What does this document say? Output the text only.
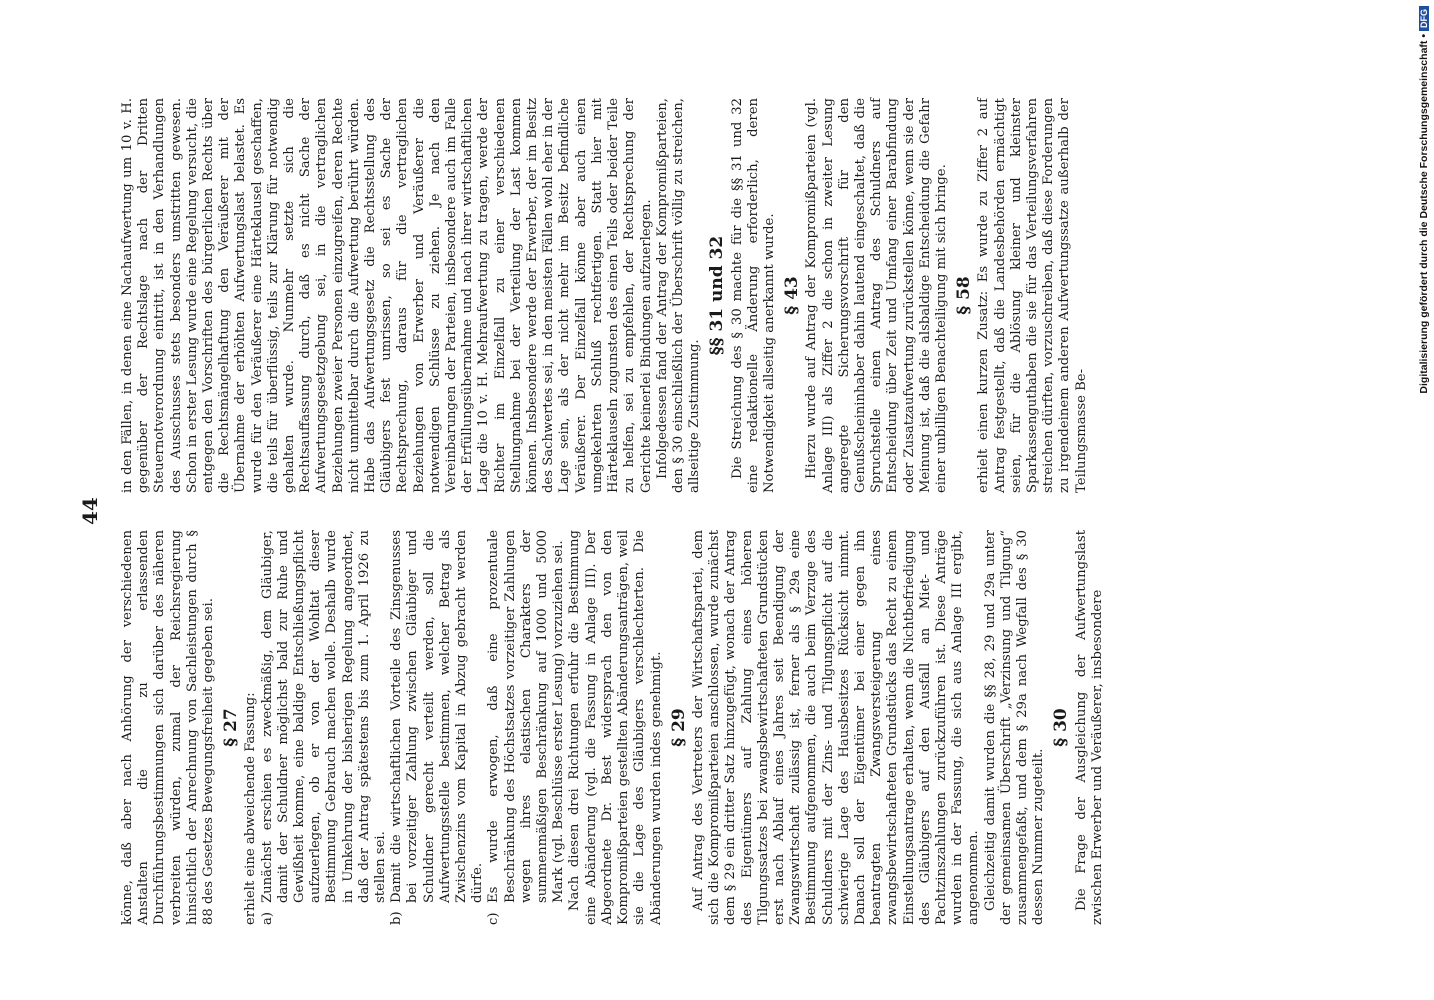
44

könne, daß aber nach Anhörung der verschiedenen Anstalten die zu erlassenden Durchführungsbestimmungen sich darüber des näheren verbreiten würden, zumal der Reichsregierung hinsichtlich der Anrechnung von Sachleistungen durch § 88 des Gesetzes Bewegungsfreiheit gegeben sei. § 27 erhielt eine abweichende Fassung: a)
Zunächst erschien es zweckmäßig, dem Gläubiger, damit der Schuldner möglichst bald zur Ruhe und Gewißheit komme, eine baldige Entschließungspflicht aufzuerlegen, ob er von der Wohltat dieser Bestimmung Gebrauch machen wolle. Deshalb wurde in Umkehrung der bisherigen Regelung angeordnet, daß der Antrag spätestens bis zum 1. April 1926 zu stellen sei.
b)
Damit die wirtschaftlichen Vorteile des Zinsgenusses bei vorzeitiger Zahlung zwischen Gläubiger und Schuldner gerecht verteilt werden, soll die Aufwertungsstelle bestimmen, welcher Betrag als Zwischenzins vom Kapital in Abzug gebracht werden dürfe.
c)
Es wurde erwogen, daß eine prozentuale Beschränkung des Höchstsatzes vorzeitiger Zahlungen wegen ihres elastischen Charakters der summenmäßigen Beschränkung auf 1000 und 5000 Mark (vgl. Beschlüsse erster Lesung) vorzuziehen sei. Nach diesen drei Richtungen erfuhr die Bestimmung eine Abänderung (vgl. die Fassung in Anlage III). Der Abgeordnete Dr. Best widersprach den von den Kompromißparteien gestellten Abänderungsanträgen, weil sie die Lage des Gläubigers verschlechterten. Die Abänderungen wurden indes genehmigt. § 29 Auf Antrag des Vertreters der Wirtschaftspartei, dem sich die Kompromißparteien anschlossen, wurde zunächst dem § 29 ein dritter Satz hinzugefügt, wonach der Antrag des Eigentümers auf Zahlung eines höheren Tilgungssatzes bei zwangsbewirtschafteten Grundstücken erst nach Ablauf eines Jahres seit Beendigung der Zwangswirtschaft zulässig ist, ferner als § 29a eine Bestimmung aufgenommen, die auch beim Verzuge des Schuldners mit der Zins- und Tilgungspflicht auf die schwierige Lage des Hausbesitzes Rücksicht nimmt. Danach soll der Eigentümer bei einer gegen ihn beantragten Zwangsversteigerung eines zwangsbewirtschafteten Grundstücks das Recht zu einem Einstellungsantrage erhalten, wenn die Nichtbefriedigung des Gläubigers auf den Ausfall an Miet- und Pachtzinszahlungen zurückzuführen ist. Diese Anträge wurden in der Fassung, die sich aus Anlage III ergibt, angenommen. Gleichzeitig damit wurden die §§ 28, 29 und 29a unter der gemeinsamen Überschrift „Verzinsung und Tilgung“ zusammengefaßt, und dem § 29a nach Wegfall des § 30 dessen Nummer zugeteilt.

§ 30 Die Frage der Ausgleichung der Aufwertungslast zwischen Erwerber und Veräußerer, insbesondere

in den Fällen, in denen eine Nachaufwertung um 10 v. H. gegenüber der Rechtslage nach der Dritten Steuernotverordnung eintritt, ist in den Verhandlungen des Ausschusses stets besonders umstritten gewesen. Schon in erster Lesung wurde eine Regelung versucht, die entgegen den Vorschriften des bürgerlichen Rechts über die Rechtsmängelhaftung den Veräußerer mit der Übernahme der erhöhten Aufwertungslast belastet. Es wurde für den Veräußerer eine Härteklausel geschaffen, die teils für überflüssig, teils zur Klärung für notwendig gehalten wurde. Nunmehr setzte sich die Rechtsauffassung durch, daß es nicht Sache der Aufwertungsgesetzgebung sei, in die vertraglichen Beziehungen zweier Personen einzugreifen, deren Rechte nicht unmittelbar durch die Aufwertung berührt würden. Habe das Aufwertungsgesetz die Rechtsstellung des Gläubigers fest umrissen, so sei es Sache der Rechtsprechung, daraus für die vertraglichen Beziehungen von Erwerber und Veräußerer die notwendigen Schlüsse zu ziehen. Je nach den Vereinbarungen der Parteien, insbesondere auch im Falle der Erfüllungsübernahme und nach ihrer wirtschaftlichen Lage die 10 v. H. Mehraufwertung zu tragen, werde der Richter im Einzelfall zu einer verschiedenen Stellungnahme bei der Verteilung der Last kommen können. Insbesondere werde der Erwerber, der im Besitz des Sachwertes sei, in den meisten Fällen wohl eher in der Lage sein, als der nicht mehr im Besitz befindliche Veräußerer. Der Einzelfall könne aber auch einen umgekehrten Schluß rechtfertigen. Statt hier mit Härteklauseln zugunsten des einen Teils oder beider Teile zu helfen, sei zu empfehlen, der Rechtsprechung der Gerichte keinerlei Bindungen aufzuerlegen. Infolgedessen fand der Antrag der Kompromißparteien, den § 30 einschließlich der Überschrift völlig zu streichen, allseitige Zustimmung.

§§ 31 und 32 Die Streichung des § 30 machte für die §§ 31 und 32 eine redaktionelle Änderung erforderlich, deren Notwendigkeit allseitig anerkannt wurde. § 43 Hierzu wurde auf Antrag der Kompromißparteien (vgl. Anlage III) als Ziffer 2 die schon in zweiter Lesung angeregte Sicherungsvorschrift für den Genußscheininhaber dahin lautend eingeschaltet, daß die Spruchstelle einen Antrag des Schuldners auf Entscheidung über Zeit und Umfang einer Barabfindung oder Zusatzaufwertung zurückstellen könne, wenn sie der Meinung ist, daß die alsbaldige Entscheidung die Gefahr einer unbilligen Benachteiligung mit sich bringe. § 58 erhielt einen kurzen Zusatz: Es wurde zu Ziffer 2 auf Antrag festgestellt, daß die Landesbehörden ermächtigt seien, für die Ablösung kleiner und kleinster Sparkassenguthaben die sie für das Verteilungsverfahren streichen dürften, vorzuschreiben, daß diese Forderungen zu irgendeinem anderen Aufwertungssatze außerhalb der Teilungsmasse Be-

Digitalisierung gefördert durch die Deutsche Forschungsgemeinschaft •DFG
